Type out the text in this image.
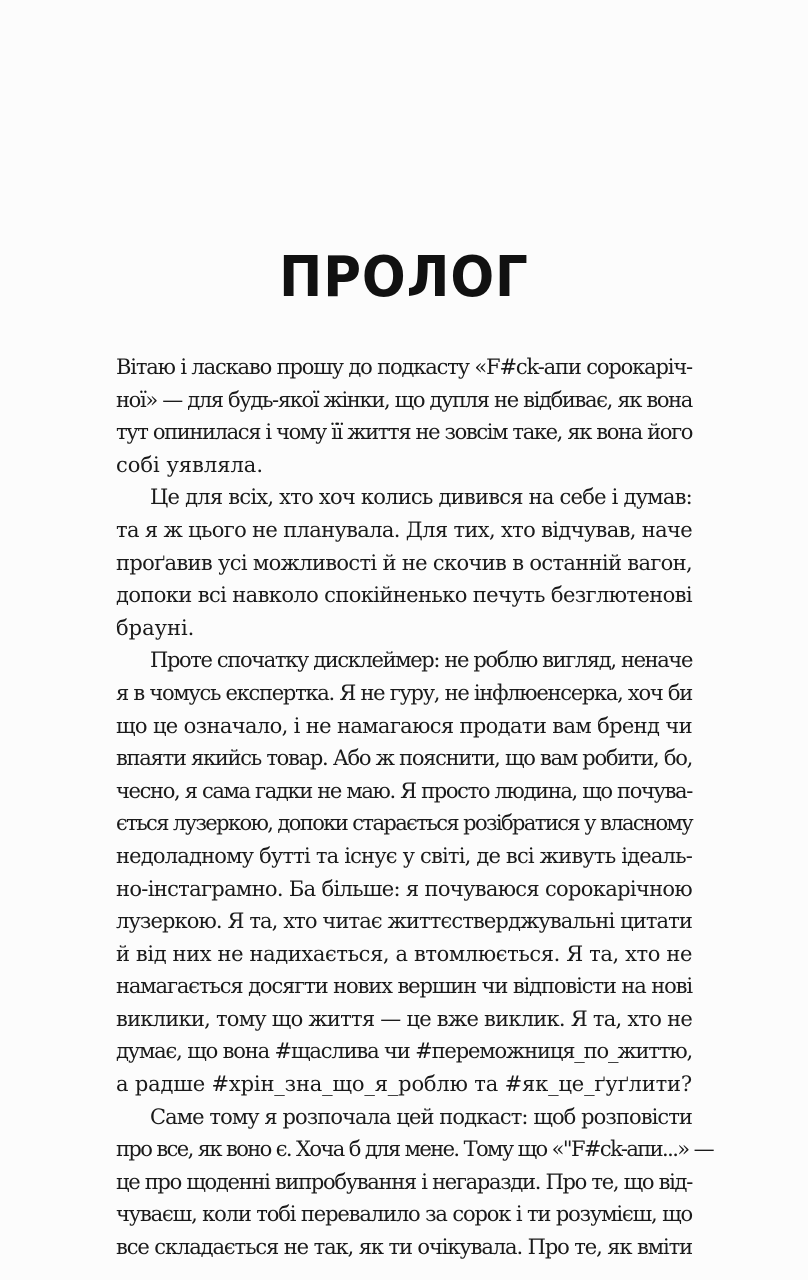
ПРОЛОГ
Вітаю і ласкаво прошу до подкасту «F#ck-апи сорокаріч-
ної» — для будь-якої жінки, що дупля не відбиває, як вона
тут опинилася і чому її життя не зовсім таке, як вона його
собі уявляла.
Це для всіх, хто хоч колись дивився на себе і думав:
та я ж цього не планувала. Для тих, хто відчував, наче
проґавив усі можливості й не скочив в останній вагон,
допоки всі навколо спокійненько печуть безглютенові
брауні.
Проте спочатку дисклеймер: не роблю вигляд, неначе
я в чомусь експертка. Я не гуру, не інфлюенсерка, хоч би
що це означало, і не намагаюся продати вам бренд чи
впаяти якийсь товар. Або ж пояснити, що вам робити, бо,
чесно, я сама гадки не маю. Я просто людина, що почува-
ється лузеркою, допоки старається розібратися у власному
недоладному бутті та існує у світі, де всі живуть ідеаль-
но-інстаграмно. Ба більше: я почуваюся сорокарічною
лузеркою. Я та, хто читає життєстверджувальні цитати
й від них не надихається, а втомлюється. Я та, хто не
намагається досягти нових вершин чи відповісти на нові
виклики, тому що життя — це вже виклик. Я та, хто не
думає, що вона #щаслива чи #переможниця_по_життю,
а радше #хрін_зна_що_я_роблю та #як_це_ґуґлити?
Саме тому я розпочала цей подкаст: щоб розповісти
про все, як воно є. Хоча б для мене. Тому що «"F#ck-апи...» —
це про щоденні випробування і негаразди. Про те, що від-
чуваєш, коли тобі перевалило за сорок і ти розумієш, що
все складається не так, як ти очікувала. Про те, як вміти
